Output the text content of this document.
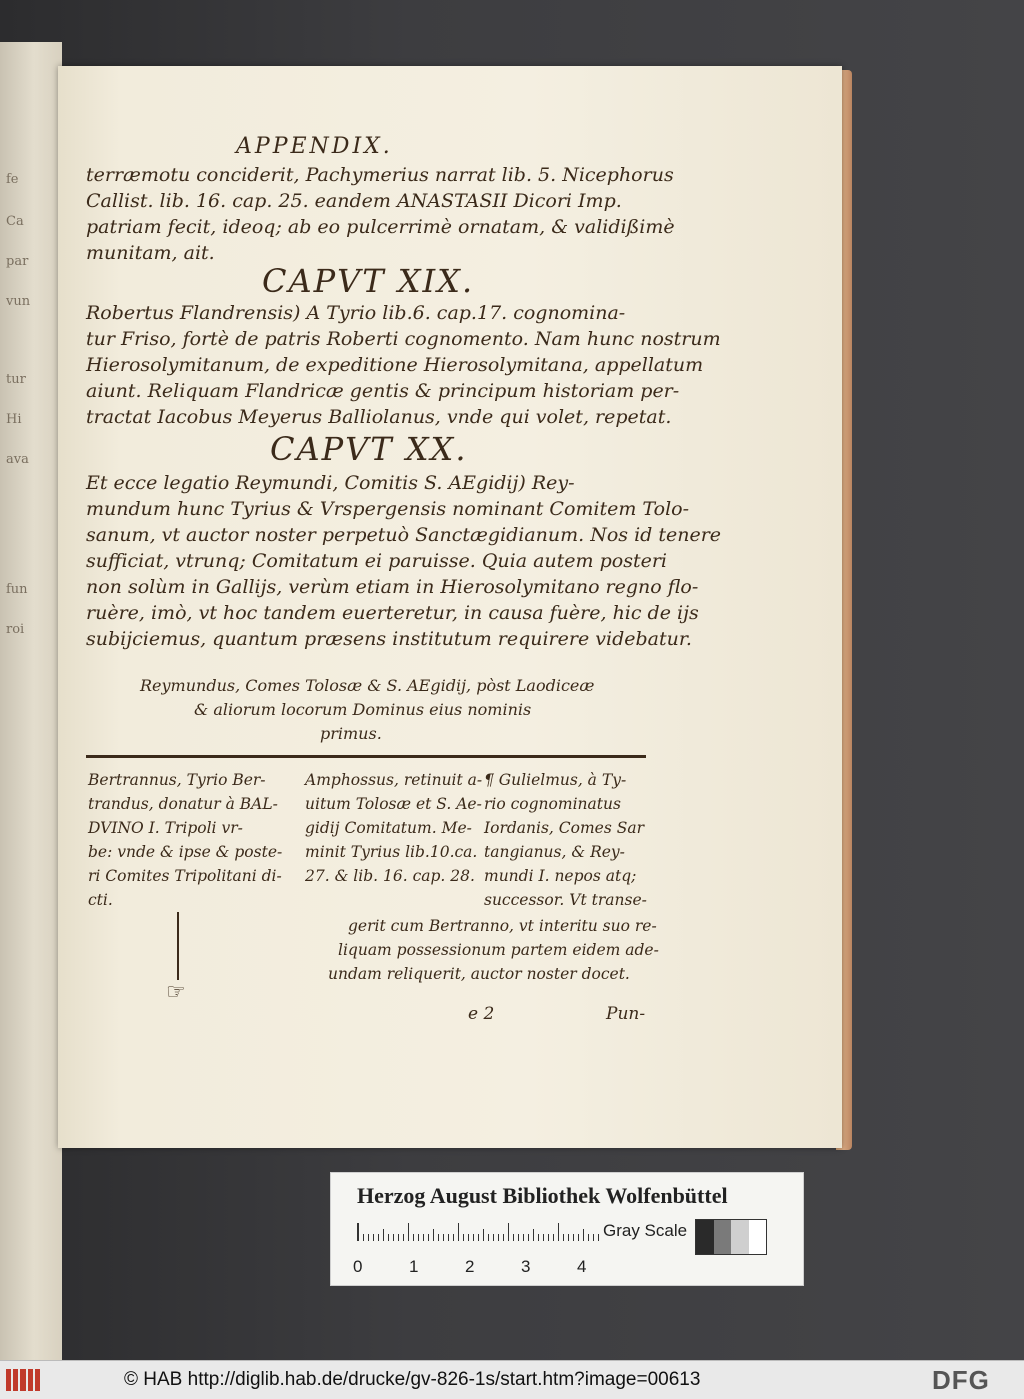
fe
Ca
par
vun
tur
Hi
ava
fun
roi
APPENDIX.
terræmotu conciderit, Pachymerius narrat lib. 5. Nicephorus
Callist. lib. 16. cap. 25. eandem ANASTASII Dicori Imp.
patriam fecit, ideoq; ab eo pulcerrimè ornatam, & validißimè
munitam, ait.
CAPVT XIX.
Robertus Flandrensis) A Tyrio lib.6. cap.17. cognomina-
tur Friso, fortè de patris Roberti cognomento. Nam hunc nostrum
Hierosolymitanum, de expeditione Hierosolymitana, appellatum
aiunt. Reliquam Flandricæ gentis & principum historiam per-
tractat Iacobus Meyerus Balliolanus, vnde qui volet, repetat.
CAPVT XX.
Et ecce legatio Reymundi, Comitis S. AEgidij) Rey-
mundum hunc Tyrius & Vrspergensis nominant Comitem Tolo-
sanum, vt auctor noster perpetuò Sanctægidianum. Nos id tenere
sufficiat, vtrunq; Comitatum ei paruisse. Quia autem posteri
non solùm in Gallijs, verùm etiam in Hierosolymitano regno flo-
ruère, imò, vt hoc tandem euerteretur, in causa fuère, hic de ijs
subijciemus, quantum præsens institutum requirere videbatur.
Reymundus, Comes Tolosæ & S. AEgidij, pòst Laodiceæ
& aliorum locorum Dominus eius nominis
primus.
Bertrannus, Tyrio Ber-
trandus, donatur à BAL-
DVINO I. Tripoli vr-
be: vnde & ipse & poste-
ri Comites Tripolitani di-
cti.
Amphossus, retinuit a-
uitum Tolosæ et S. Ae-
gidij Comitatum. Me-
minit Tyrius lib.10.ca.
27. & lib. 16. cap. 28.
¶ Gulielmus, à Ty-
rio cognominatus
Iordanis, Comes Sar
tangianus, & Rey-
mundi I. nepos atq;
successor. Vt transe-
gerit cum Bertranno, vt interitu suo re-
liquam possessionum partem eidem ade-
undam reliquerit, auctor noster docet.
☞
e 2	Pun-
Herzog August Bibliothek Wolfenbüttel
0	1	2	3	4
Gray Scale
© HAB http://diglib.hab.de/drucke/gv-826-1s/start.htm?image=00613	DFG
